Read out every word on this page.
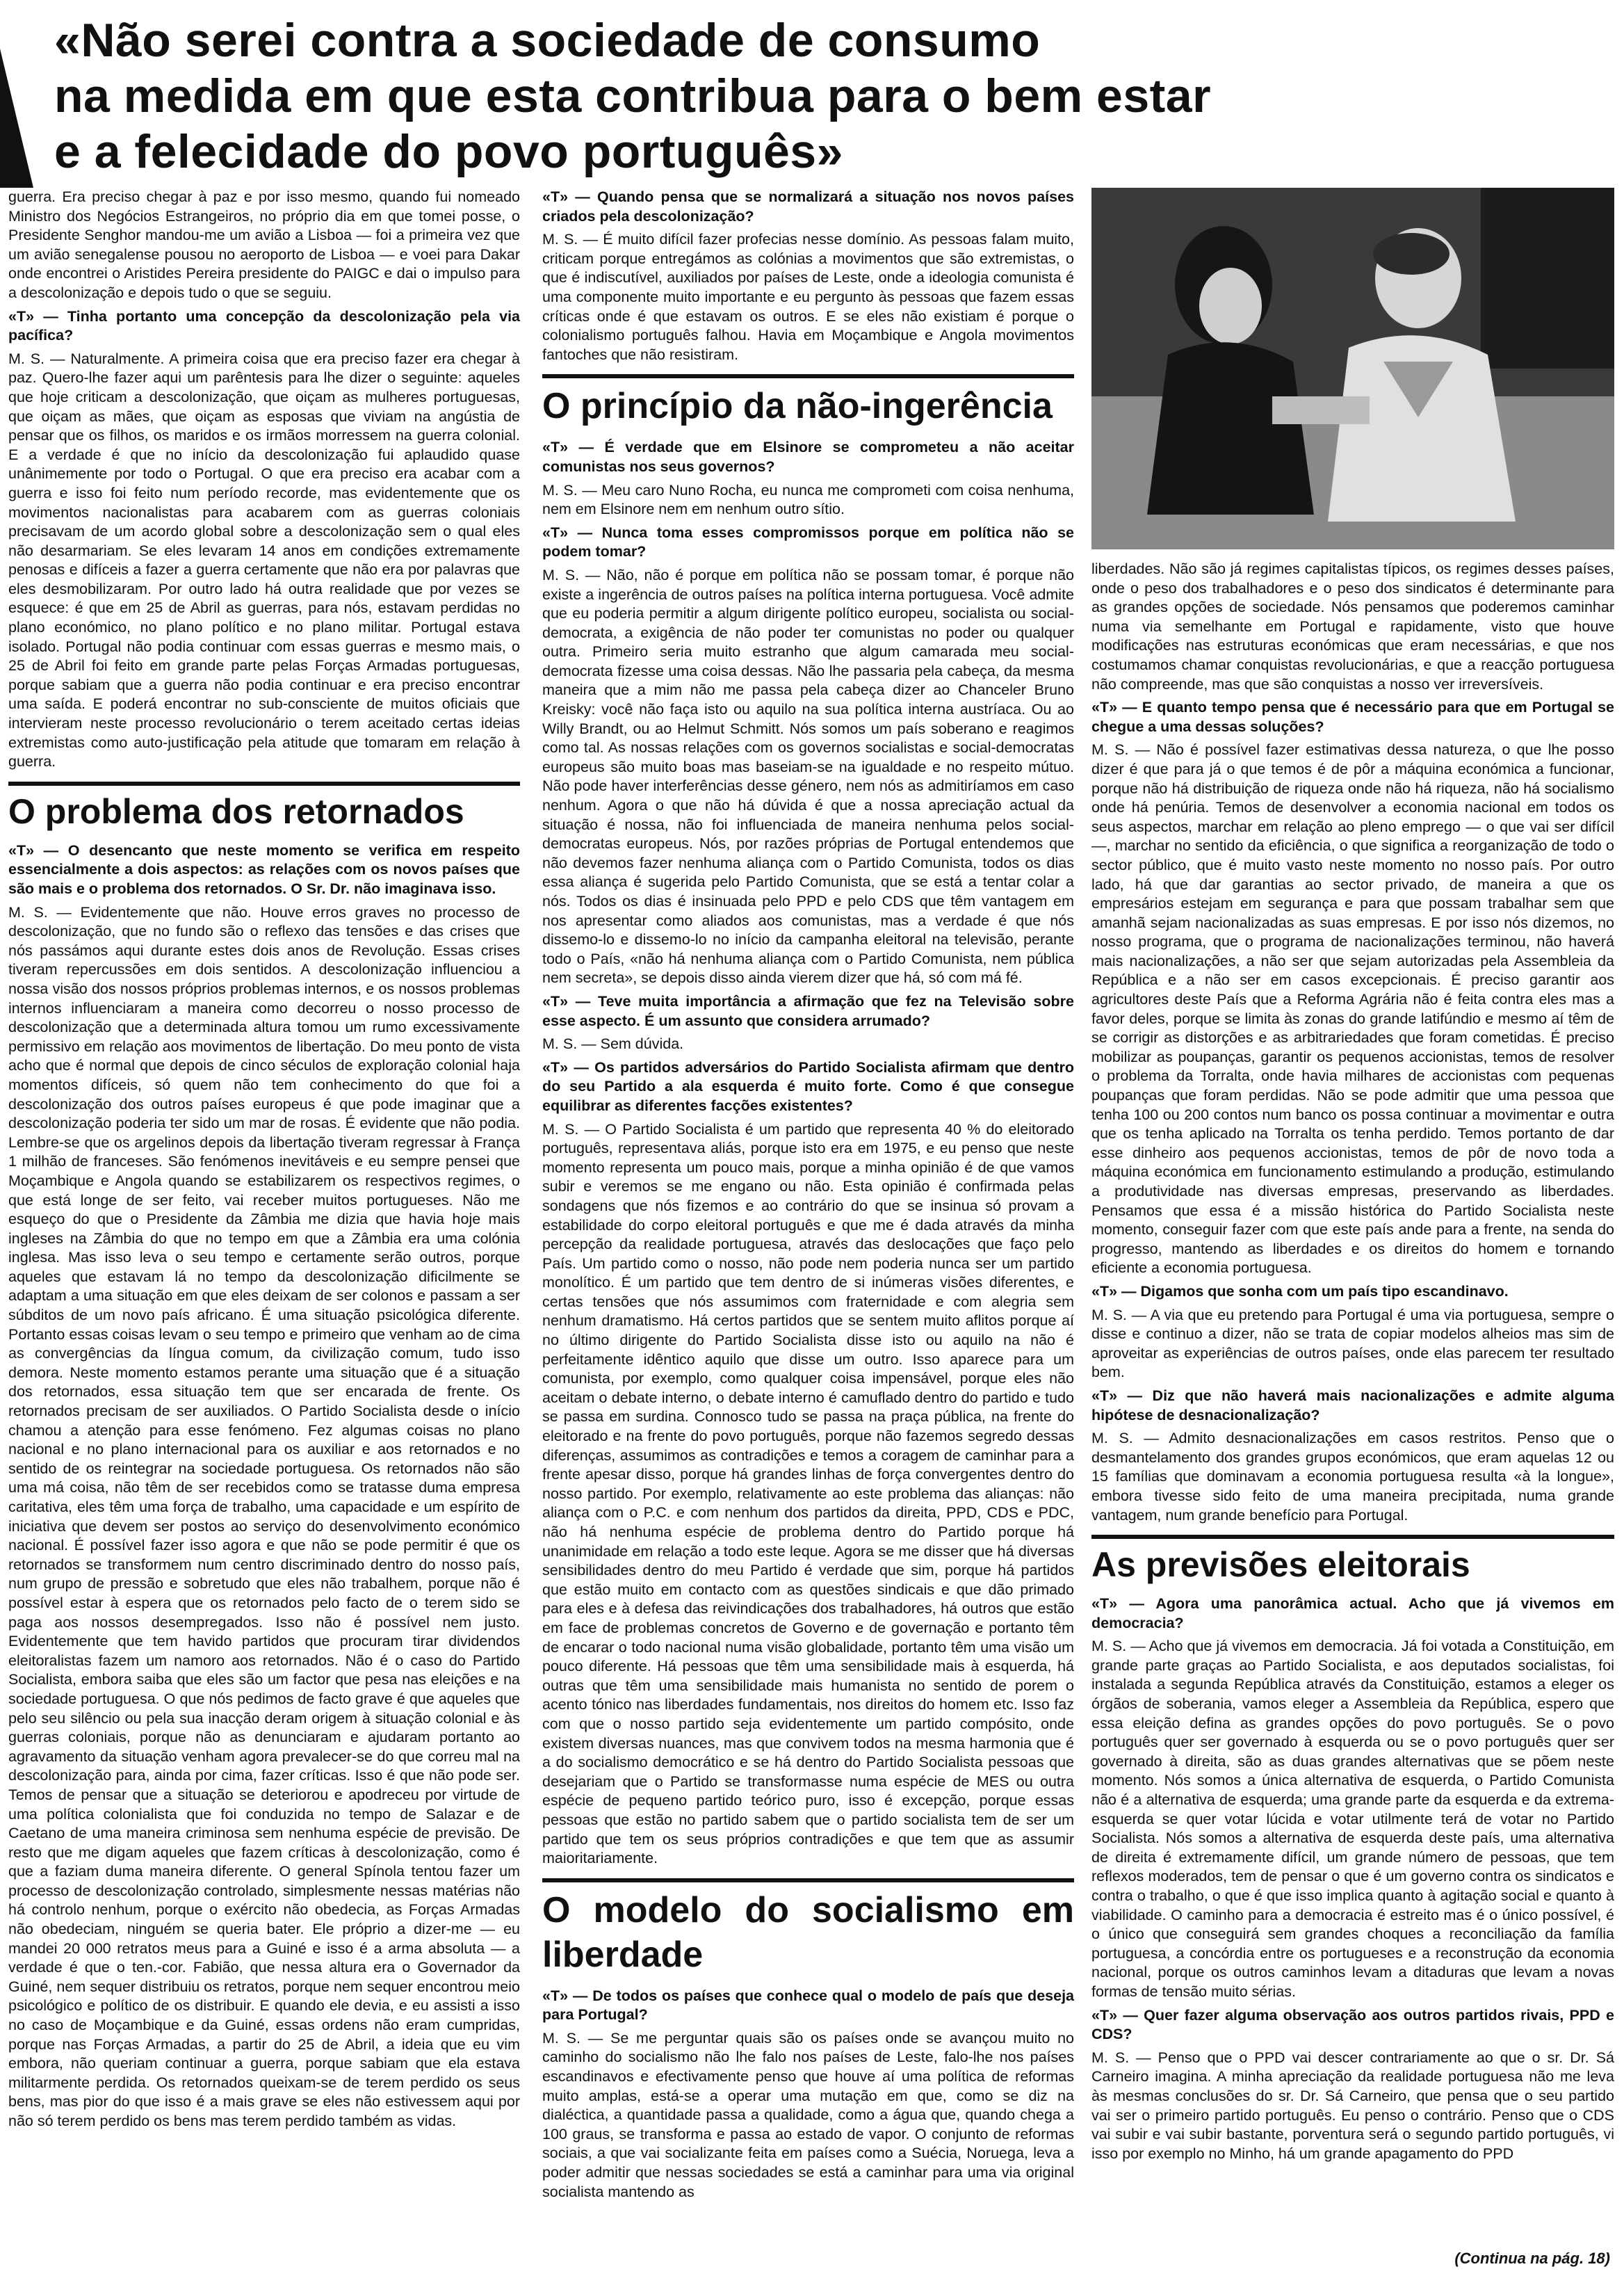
«Não serei contra a sociedade de consumo
na medida em que esta contribua para o bem estar
e a felecidade do povo português»

guerra. Era preciso chegar à paz e por isso mesmo, quando fui nomeado Ministro dos Negócios Estrangeiros, no próprio dia em que tomei posse, o Presidente Senghor mandou-me um avião a Lisboa — foi a primeira vez que um avião senegalense pousou no aeroporto de Lisboa — e voei para Dakar onde encontrei o Aristides Pereira presidente do PAIGC e dai o impulso para a descolonização e depois tudo o que se seguiu.

«T» — Tinha portanto uma concepção da descolonização pela via pacífica?

M. S. — Naturalmente. A primeira coisa que era preciso fazer era chegar à paz. Quero-lhe fazer aqui um parêntesis para lhe dizer o seguinte: aqueles que hoje criticam a descolonização, que oiçam as mulheres portuguesas, que oiçam as mães, que oiçam as esposas que viviam na angústia de pensar que os filhos, os maridos e os irmãos morressem na guerra colonial. E a verdade é que no início da descolonização fui aplaudido quase unânimemente por todo o Portugal. O que era preciso era acabar com a guerra e isso foi feito num período recorde, mas evidentemente que os movimentos nacionalistas para acabarem com as guerras coloniais precisavam de um acordo global sobre a descolonização sem o qual eles não desarmariam. Se eles levaram 14 anos em condições extremamente penosas e difíceis a fazer a guerra certamente que não era por palavras que eles desmobilizaram. Por outro lado há outra realidade que por vezes se esquece: é que em 25 de Abril as guerras, para nós, estavam perdidas no plano económico, no plano político e no plano militar. Portugal estava isolado. Portugal não podia continuar com essas guerras e mesmo mais, o 25 de Abril foi feito em grande parte pelas Forças Armadas portuguesas, porque sabiam que a guerra não podia continuar e era preciso encontrar uma saída. E poderá encontrar no sub-consciente de muitos oficiais que intervieram neste processo revolucionário o terem aceitado certas ideias extremistas como auto-justificação pela atitude que tomaram em relação à guerra.

O problema dos retornados

«T» — O desencanto que neste momento se verifica em respeito essencialmente a dois aspectos: as relações com os novos países que são mais e o problema dos retornados. O Sr. Dr. não imaginava isso.

M. S. — Evidentemente que não. Houve erros graves no processo de descolonização, que no fundo são o reflexo das tensões e das crises que nós passámos aqui durante estes dois anos de Revolução. Essas crises tiveram repercussões em dois sentidos. A descolonização influenciou a nossa visão dos nossos próprios problemas internos, e os nossos problemas internos influenciaram a maneira como decorreu o nosso processo de descolonização que a determinada altura tomou um rumo excessivamente permissivo em relação aos movimentos de libertação. Do meu ponto de vista acho que é normal que depois de cinco séculos de exploração colonial haja momentos difíceis, só quem não tem conhecimento do que foi a descolonização dos outros países europeus é que pode imaginar que a descolonização poderia ter sido um mar de rosas. É evidente que não podia. Lembre-se que os argelinos depois da libertação tiveram regressar à França 1 milhão de franceses. São fenómenos inevitáveis e eu sempre pensei que Moçambique e Angola quando se estabilizarem os respectivos regimes, o que está longe de ser feito, vai receber muitos portugueses. Não me esqueço do que o Presidente da Zâmbia me dizia que havia hoje mais ingleses na Zâmbia do que no tempo em que a Zâmbia era uma colónia inglesa. Mas isso leva o seu tempo e certamente serão outros, porque aqueles que estavam lá no tempo da descolonização dificilmente se adaptam a uma situação em que eles deixam de ser colonos e passam a ser súbditos de um novo país africano. É uma situação psicológica diferente. Portanto essas coisas levam o seu tempo e primeiro que venham ao de cima as convergências da língua comum, da civilização comum, tudo isso demora. Neste momento estamos perante uma situação que é a situação dos retornados, essa situação tem que ser encarada de frente. Os retornados precisam de ser auxiliados. O Partido Socialista desde o início chamou a atenção para esse fenómeno. Fez algumas coisas no plano nacional e no plano internacional para os auxiliar e aos retornados e no sentido de os reintegrar na sociedade portuguesa. Os retornados não são uma má coisa, não têm de ser recebidos como se tratasse duma empresa caritativa, eles têm uma força de trabalho, uma capacidade e um espírito de iniciativa que devem ser postos ao serviço do desenvolvimento económico nacional. É possível fazer isso agora e que não se pode permitir é que os retornados se transformem num centro discriminado dentro do nosso país, num grupo de pressão e sobretudo que eles não trabalhem, porque não é possível estar à espera que os retornados pelo facto de o terem sido se paga aos nossos desempregados. Isso não é possível nem justo. Evidentemente que tem havido partidos que procuram tirar dividendos eleitoralistas fazem um namoro aos retornados. Não é o caso do Partido Socialista, embora saiba que eles são um factor que pesa nas eleições e na sociedade portuguesa. O que nós pedimos de facto grave é que aqueles que pelo seu silêncio ou pela sua inacção deram origem à situação colonial e às guerras coloniais, porque não as denunciaram e ajudaram portanto ao agravamento da situação venham agora prevalecer-se do que correu mal na descolonização para, ainda por cima, fazer críticas. Isso é que não pode ser. Temos de pensar que a situação se deteriorou e apodreceu por virtude de uma política colonialista que foi conduzida no tempo de Salazar e de Caetano de uma maneira criminosa sem nenhuma espécie de previsão. De resto que me digam aqueles que fazem críticas à descolonização, como é que a faziam duma maneira diferente. O general Spínola tentou fazer um processo de descolonização controlado, simplesmente nessas matérias não há controlo nenhum, porque o exército não obedecia, as Forças Armadas não obedeciam, ninguém se queria bater. Ele próprio a dizer-me — eu mandei 20 000 retratos meus para a Guiné e isso é a arma absoluta — a verdade é que o ten.-cor. Fabião, que nessa altura era o Governador da Guiné, nem sequer distribuiu os retratos, porque nem sequer encontrou meio psicológico e político de os distribuir. E quando ele devia, e eu assisti a isso no caso de Moçambique e da Guiné, essas ordens não eram cumpridas, porque nas Forças Armadas, a partir do 25 de Abril, a ideia que eu vim embora, não queriam continuar a guerra, porque sabiam que ela estava militarmente perdida. Os retornados queixam-se de terem perdido os seus bens, mas pior do que isso é a mais grave se eles não estivessem aqui por não só terem perdido os bens mas terem perdido também as vidas.

«T» — Quando pensa que se normalizará a situação nos novos países criados pela descolonização?

M. S. — É muito difícil fazer profecias nesse domínio. As pessoas falam muito, criticam porque entregámos as colónias a movimentos que são extremistas, o que é indiscutível, auxiliados por países de Leste, onde a ideologia comunista é uma componente muito importante e eu pergunto às pessoas que fazem essas críticas onde é que estavam os outros. E se eles não existiam é porque o colonialismo português falhou. Havia em Moçambique e Angola movimentos fantoches que não resistiram.

O princípio da não-ingerência

«T» — É verdade que em Elsinore se comprometeu a não aceitar comunistas nos seus governos?

M. S. — Meu caro Nuno Rocha, eu nunca me comprometi com coisa nenhuma, nem em Elsinore nem em nenhum outro sítio.

«T» — Nunca toma esses compromissos porque em política não se podem tomar?

M. S. — Não, não é porque em política não se possam tomar, é porque não existe a ingerência de outros países na política interna portuguesa. Você admite que eu poderia permitir a algum dirigente político europeu, socialista ou social-democrata, a exigência de não poder ter comunistas no poder ou qualquer outra. Primeiro seria muito estranho que algum camarada meu social-democrata fizesse uma coisa dessas. Não lhe passaria pela cabeça, da mesma maneira que a mim não me passa pela cabeça dizer ao Chanceler Bruno Kreisky: você não faça isto ou aquilo na sua política interna austríaca. Ou ao Willy Brandt, ou ao Helmut Schmitt. Nós somos um país soberano e reagimos como tal. As nossas relações com os governos socialistas e social-democratas europeus são muito boas mas baseiam-se na igualdade e no respeito mútuo. Não pode haver interferências desse género, nem nós as admitiríamos em caso nenhum. Agora o que não há dúvida é que a nossa apreciação actual da situação é nossa, não foi influenciada de maneira nenhuma pelos social-democratas europeus. Nós, por razões próprias de Portugal entendemos que não devemos fazer nenhuma aliança com o Partido Comunista, todos os dias essa aliança é sugerida pelo Partido Comunista, que se está a tentar colar a nós. Todos os dias é insinuada pelo PPD e pelo CDS que têm vantagem em nos apresentar como aliados aos comunistas, mas a verdade é que nós dissemo-lo e dissemo-lo no início da campanha eleitoral na televisão, perante todo o País, «não há nenhuma aliança com o Partido Comunista, nem pública nem secreta», se depois disso ainda vierem dizer que há, só com má fé.

«T» — Teve muita importância a afirmação que fez na Televisão sobre esse aspecto. É um assunto que considera arrumado?

M. S. — Sem dúvida.

«T» — Os partidos adversários do Partido Socialista afirmam que dentro do seu Partido a ala esquerda é muito forte. Como é que consegue equilibrar as diferentes facções existentes?

M. S. — O Partido Socialista é um partido que representa 40 % do eleitorado português, representava aliás, porque isto era em 1975, e eu penso que neste momento representa um pouco mais, porque a minha opinião é de que vamos subir e veremos se me engano ou não. Esta opinião é confirmada pelas sondagens que nós fizemos e ao contrário do que se insinua só provam a estabilidade do corpo eleitoral português e que me é dada através da minha percepção da realidade portuguesa, através das deslocações que faço pelo País. Um partido como o nosso, não pode nem poderia nunca ser um partido monolítico. É um partido que tem dentro de si inúmeras visões diferentes, e certas tensões que nós assumimos com fraternidade e com alegria sem nenhum dramatismo. Há certos partidos que se sentem muito aflitos porque aí no último dirigente do Partido Socialista disse isto ou aquilo na não é perfeitamente idêntico aquilo que disse um outro. Isso aparece para um comunista, por exemplo, como qualquer coisa impensável, porque eles não aceitam o debate interno, o debate interno é camuflado dentro do partido e tudo se passa em surdina. Connosco tudo se passa na praça pública, na frente do eleitorado e na frente do povo português, porque não fazemos segredo dessas diferenças, assumimos as contradições e temos a coragem de caminhar para a frente apesar disso, porque há grandes linhas de força convergentes dentro do nosso partido. Por exemplo, relativamente ao este problema das alianças: não aliança com o P.C. e com nenhum dos partidos da direita, PPD, CDS e PDC, não há nenhuma espécie de problema dentro do Partido porque há unanimidade em relação a todo este leque. Agora se me disser que há diversas sensibilidades dentro do meu Partido é verdade que sim, porque há partidos que estão muito em contacto com as questões sindicais e que dão primado para eles e à defesa das reivindicações dos trabalhadores, há outros que estão em face de problemas concretos de Governo e de governação e portanto têm de encarar o todo nacional numa visão globalidade, portanto têm uma visão um pouco diferente. Há pessoas que têm uma sensibilidade mais à esquerda, há outras que têm uma sensibilidade mais humanista no sentido de porem o acento tónico nas liberdades fundamentais, nos direitos do homem etc. Isso faz com que o nosso partido seja evidentemente um partido compósito, onde existem diversas nuances, mas que convivem todos na mesma harmonia que é a do socialismo democrático e se há dentro do Partido Socialista pessoas que desejariam que o Partido se transformasse numa espécie de MES ou outra espécie de pequeno partido teórico puro, isso é excepção, porque essas pessoas que estão no partido sabem que o partido socialista tem de ser um partido que tem os seus próprios contradições e que tem que as assumir maioritariamente.

O modelo do socialismo em liberdade

«T» — De todos os países que conhece qual o modelo de país que deseja para Portugal?

M. S. — Se me perguntar quais são os países onde se avançou muito no caminho do socialismo não lhe falo nos países de Leste, falo-lhe nos países escandinavos e efectivamente penso que houve aí uma política de reformas muito amplas, está-se a operar uma mutação em que, como se diz na dialéctica, a quantidade passa a qualidade, como a água que, quando chega a 100 graus, se transforma e passa ao estado de vapor. O conjunto de reformas sociais, a que vai socializante feita em países como a Suécia, Noruega, leva a poder admitir que nessas sociedades se está a caminhar para uma via original socialista mantendo as

liberdades. Não são já regimes capitalistas típicos, os regimes desses países, onde o peso dos trabalhadores e o peso dos sindicatos é determinante para as grandes opções de sociedade. Nós pensamos que poderemos caminhar numa via semelhante em Portugal e rapidamente, visto que houve modificações nas estruturas económicas que eram necessárias, e que nos costumamos chamar conquistas revolucionárias, e que a reacção portuguesa não compreende, mas que são conquistas a nosso ver irreversíveis.

«T» — E quanto tempo pensa que é necessário para que em Portugal se chegue a uma dessas soluções?

M. S. — Não é possível fazer estimativas dessa natureza, o que lhe posso dizer é que para já o que temos é de pôr a máquina económica a funcionar, porque não há distribuição de riqueza onde não há riqueza, não há socialismo onde há penúria. Temos de desenvolver a economia nacional em todos os seus aspectos, marchar em relação ao pleno emprego — o que vai ser difícil —, marchar no sentido da eficiência, o que significa a reorganização de todo o sector público, que é muito vasto neste momento no nosso país. Por outro lado, há que dar garantias ao sector privado, de maneira a que os empresários estejam em segurança e para que possam trabalhar sem que amanhã sejam nacionalizadas as suas empresas. E por isso nós dizemos, no nosso programa, que o programa de nacionalizações terminou, não haverá mais nacionalizações, a não ser que sejam autorizadas pela Assembleia da República e a não ser em casos excepcionais. É preciso garantir aos agricultores deste País que a Reforma Agrária não é feita contra eles mas a favor deles, porque se limita às zonas do grande latifúndio e mesmo aí têm de se corrigir as distorções e as arbitrariedades que foram cometidas. É preciso mobilizar as poupanças, garantir os pequenos accionistas, temos de resolver o problema da Torralta, onde havia milhares de accionistas com pequenas poupanças que foram perdidas. Não se pode admitir que uma pessoa que tenha 100 ou 200 contos num banco os possa continuar a movimentar e outra que os tenha aplicado na Torralta os tenha perdido. Temos portanto de dar esse dinheiro aos pequenos accionistas, temos de pôr de novo toda a máquina económica em funcionamento estimulando a produção, estimulando a produtividade nas diversas empresas, preservando as liberdades. Pensamos que essa é a missão histórica do Partido Socialista neste momento, conseguir fazer com que este país ande para a frente, na senda do progresso, mantendo as liberdades e os direitos do homem e tornando eficiente a economia portuguesa.

«T» — Digamos que sonha com um país tipo escandinavo.

M. S. — A via que eu pretendo para Portugal é uma via portuguesa, sempre o disse e continuo a dizer, não se trata de copiar modelos alheios mas sim de aproveitar as experiências de outros países, onde elas parecem ter resultado bem.

«T» — Diz que não haverá mais nacionalizações e admite alguma hipótese de desnacionalização?

M. S. — Admito desnacionalizações em casos restritos. Penso que o desmantelamento dos grandes grupos económicos, que eram aquelas 12 ou 15 famílias que dominavam a economia portuguesa resulta «à la longue», embora tivesse sido feito de uma maneira precipitada, numa grande vantagem, num grande benefício para Portugal.

As previsões eleitorais

«T» — Agora uma panorâmica actual. Acho que já vivemos em democracia?

M. S. — Acho que já vivemos em democracia. Já foi votada a Constituição, em grande parte graças ao Partido Socialista, e aos deputados socialistas, foi instalada a segunda República através da Constituição, estamos a eleger os órgãos de soberania, vamos eleger a Assembleia da República, espero que essa eleição defina as grandes opções do povo português. Se o povo português quer ser governado à esquerda ou se o povo português quer ser governado à direita, são as duas grandes alternativas que se põem neste momento. Nós somos a única alternativa de esquerda, o Partido Comunista não é a alternativa de esquerda; uma grande parte da esquerda e da extrema-esquerda se quer votar lúcida e votar utilmente terá de votar no Partido Socialista. Nós somos a alternativa de esquerda deste país, uma alternativa de direita é extremamente difícil, um grande número de pessoas, que tem reflexos moderados, tem de pensar o que é um governo contra os sindicatos e contra o trabalho, o que é que isso implica quanto à agitação social e quanto à viabilidade. O caminho para a democracia é estreito mas é o único possível, é o único que conseguirá sem grandes choques a reconciliação da família portuguesa, a concórdia entre os portugueses e a reconstrução da economia nacional, porque os outros caminhos levam a ditaduras que levam a novas formas de tensão muito sérias.

«T» — Quer fazer alguma observação aos outros partidos rivais, PPD e CDS?

M. S. — Penso que o PPD vai descer contrariamente ao que o sr. Dr. Sá Carneiro imagina. A minha apreciação da realidade portuguesa não me leva às mesmas conclusões do sr. Dr. Sá Carneiro, que pensa que o seu partido vai ser o primeiro partido português. Eu penso o contrário. Penso que o CDS vai subir e vai subir bastante, porventura será o segundo partido português, vi isso por exemplo no Minho, há um grande apagamento do PPD

(Continua na pág. 18)
